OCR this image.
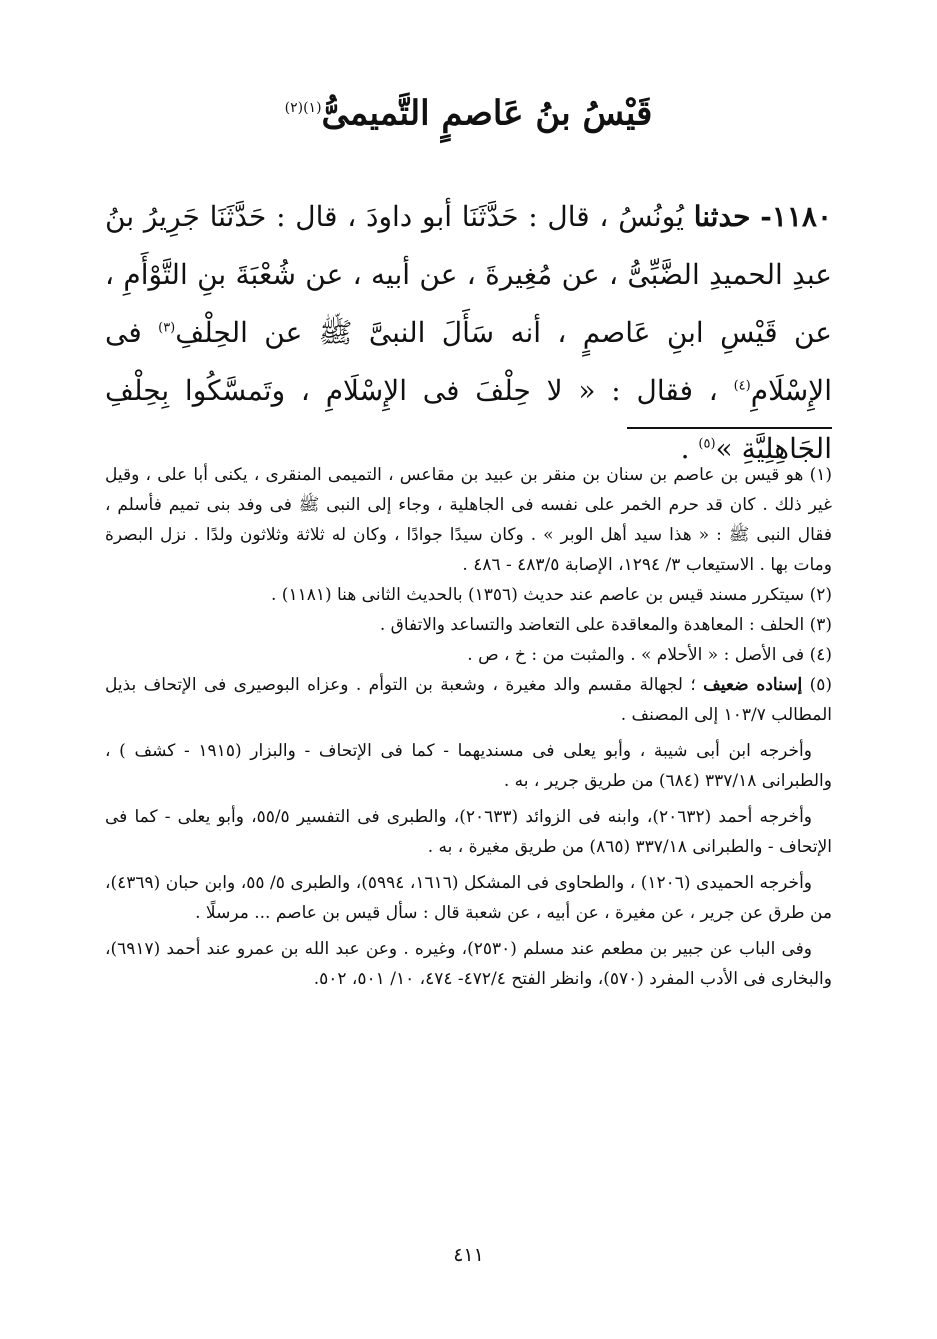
قَيْسُ بنُ عَاصمٍ التَّميمىُّ$^{(١)(٢)}$
١١٨٠- حدثنا يُونُسُ ، قال : حَدَّثَنَا أبو داودَ ، قال : حَدَّثَنَا جَرِيرُ بنُ عبدِ الحميدِ الضَّبِّىُّ ، عن مُغِيرةَ ، عن أبيه ، عن شُعْبَةَ بنِ التَّوْأَمِ ، عن قَيْسِ ابنِ عَاصمٍ ، أنه سَأَلَ النبىَّ ﷺ عن الحِلْفِ$^{(٣)}$ فى الإِسْلَامِ$^{(٤)}$ ، فقال : « لا حِلْفَ فى الإِسْلَامِ ، وتَمسَّكُوا بِحِلْفِ الجَاهِلِيَّةِ »$^{(٥)}$ .

(١) هو قيس بن عاصم بن سنان بن منقر بن عبيد بن مقاعس ، التميمى المنقرى ، يكنى أبا على ، وقيل غير ذلك . كان قد حرم الخمر على نفسه فى الجاهلية ، وجاء إلى النبى ﷺ فى وفد بنى تميم فأسلم ، فقال النبى ﷺ : « هذا سيد أهل الوبر » . وكان سيدًا جوادًا ، وكان له ثلاثة وثلاثون ولدًا . نزل البصرة ومات بها . الاستيعاب ٣/ ١٢٩٤، الإصابة ٤٨٣/٥ - ٤٨٦ .

(٢) سيتكرر مسند قيس بن عاصم عند حديث (١٣٥٦) بالحديث الثانى هنا (١١٨١) .

(٣) الحلف : المعاهدة والمعاقدة على التعاضد والتساعد والاتفاق .

(٤) فى الأصل : « الأحلام » . والمثبت من : خ ، ص .

(٥) إسناده ضعيف ؛ لجهالة مقسم والد مغيرة ، وشعبة بن التوأم . وعزاه البوصيرى فى الإتحاف بذيل المطالب ١٠٣/٧ إلى المصنف .

وأخرجه ابن أبى شيبة ، وأبو يعلى فى مسنديهما - كما فى الإتحاف - والبزار (١٩١٥ - كشف ) ، والطبرانى ٣٣٧/١٨ (٦٨٤) من طريق جرير ، به .

وأخرجه أحمد (٢٠٦٣٢)، وابنه فى الزوائد (٢٠٦٣٣)، والطبرى فى التفسير ٥٥/٥، وأبو يعلى - كما فى الإتحاف - والطبرانى ٣٣٧/١٨ (٨٦٥) من طريق مغيرة ، به .

وأخرجه الحميدى (١٢٠٦) ، والطحاوى فى المشكل (١٦١٦، ٥٩٩٤)، والطبرى ٥/ ٥٥، وابن حبان (٤٣٦٩)، من طرق عن جرير ، عن مغيرة ، عن أبيه ، عن شعبة قال : سأل قيس بن عاصم ... مرسلًا .

وفى الباب عن جبير بن مطعم عند مسلم (٢٥٣٠)، وغيره . وعن عبد الله بن عمرو عند أحمد (٦٩١٧)، والبخارى فى الأدب المفرد (٥٧٠)، وانظر الفتح ٤٧٢/٤- ٤٧٤، ١٠/ ٥٠١، ٥٠٢.

٤١١
